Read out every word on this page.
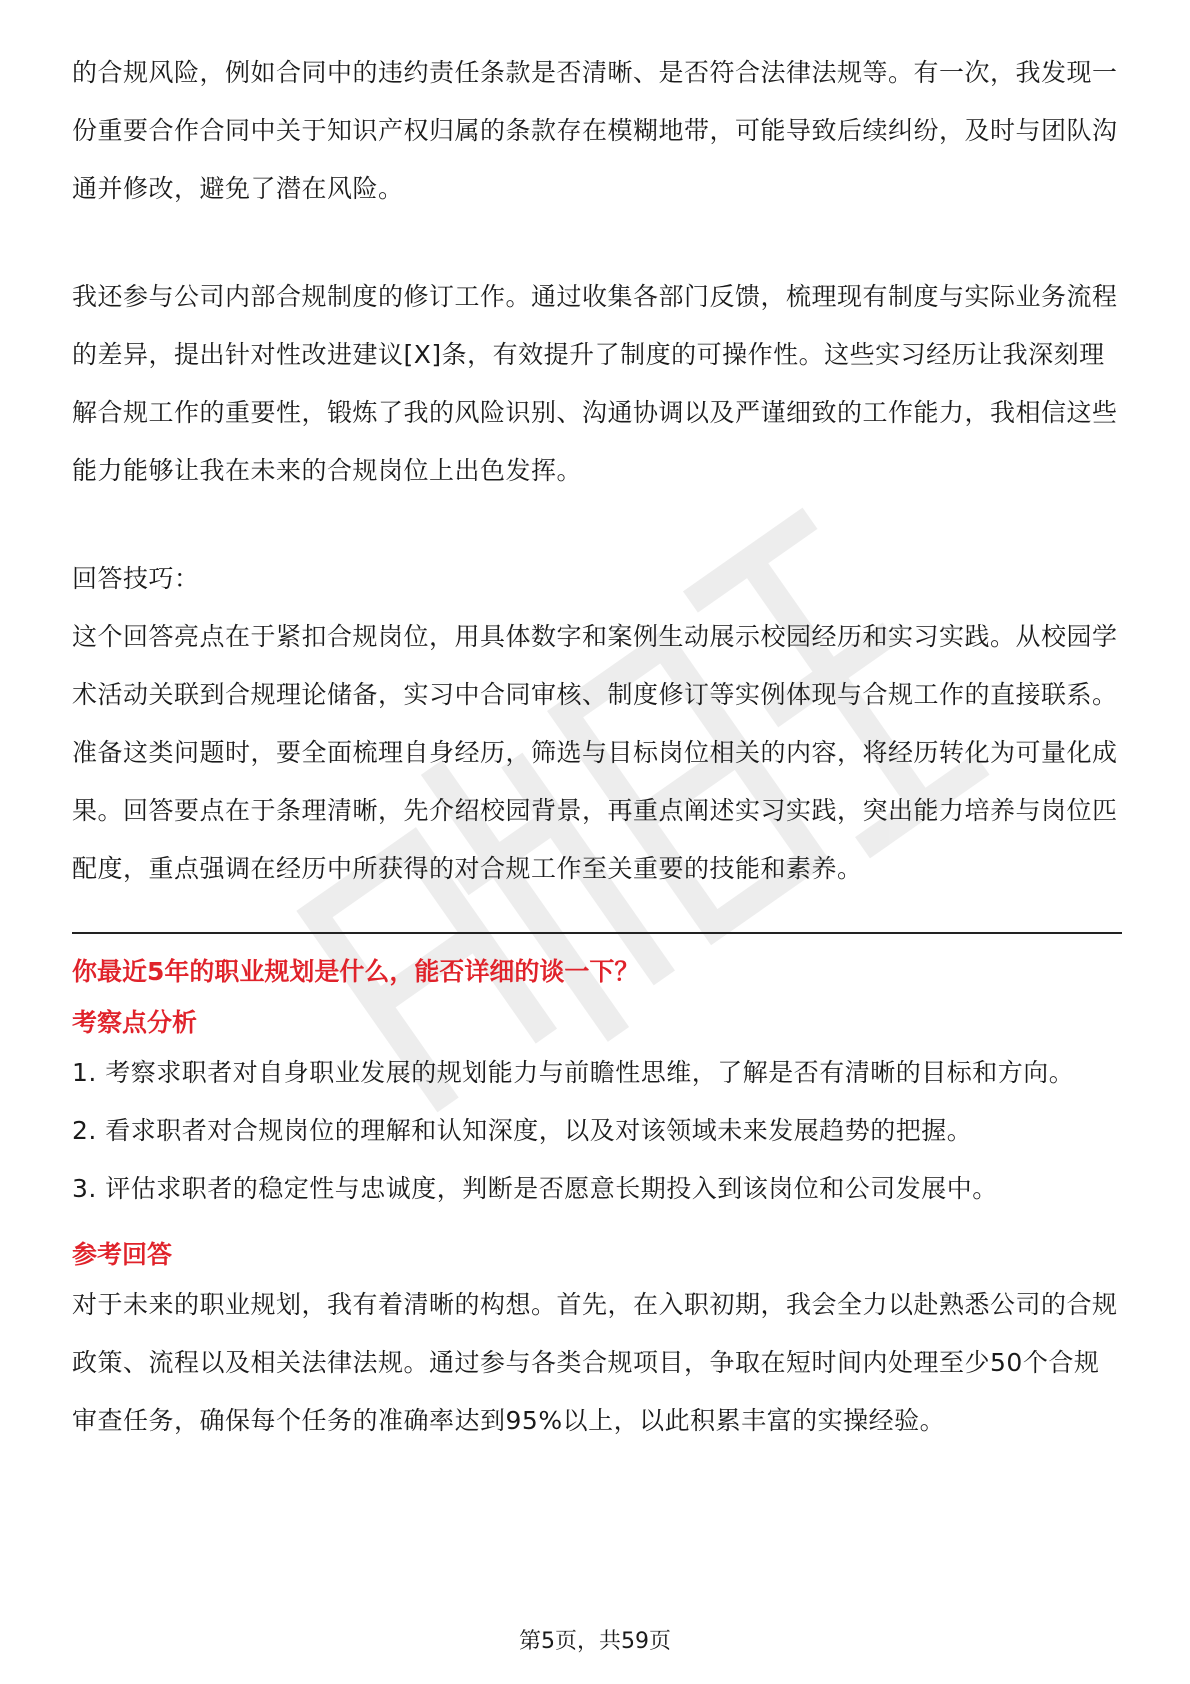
的合规风险，例如合同中的违约责任条款是否清晰、是否符合法律法规等。有一次，我发现一份重要合作合同中关于知识产权归属的条款存在模糊地带，可能导致后续纠纷，及时与团队沟通并修改，避免了潜在风险。

我还参与公司内部合规制度的修订工作。通过收集各部门反馈，梳理现有制度与实际业务流程的差异，提出针对性改进建议[X]条，有效提升了制度的可操作性。这些实习经历让我深刻理解合规工作的重要性，锻炼了我的风险识别、沟通协调以及严谨细致的工作能力，我相信这些能力能够让我在未来的合规岗位上出色发挥。

回答技巧：

这个回答亮点在于紧扣合规岗位，用具体数字和案例生动展示校园经历和实习实践。从校园学术活动关联到合规理论储备，实习中合同审核、制度修订等实例体现与合规工作的直接联系。准备这类问题时，要全面梳理自身经历，筛选与目标岗位相关的内容，将经历转化为可量化成果。回答要点在于条理清晰，先介绍校园背景，再重点阐述实习实践，突出能力培养与岗位匹配度，重点强调在经历中所获得的对合规工作至关重要的技能和素养。

你最近5年的职业规划是什么，能否详细的谈一下？

考察点分析

1. 考察求职者对自身职业发展的规划能力与前瞻性思维，了解是否有清晰的目标和方向。

2. 看求职者对合规岗位的理解和认知深度，以及对该领域未来发展趋势的把握。

3. 评估求职者的稳定性与忠诚度，判断是否愿意长期投入到该岗位和公司发展中。

参考回答

对于未来的职业规划，我有着清晰的构想。首先，在入职初期，我会全力以赴熟悉公司的合规政策、流程以及相关法律法规。通过参与各类合规项目，争取在短时间内处理至少50个合规审查任务，确保每个任务的准确率达到95%以上，以此积累丰富的实操经验。

第5页，共59页
